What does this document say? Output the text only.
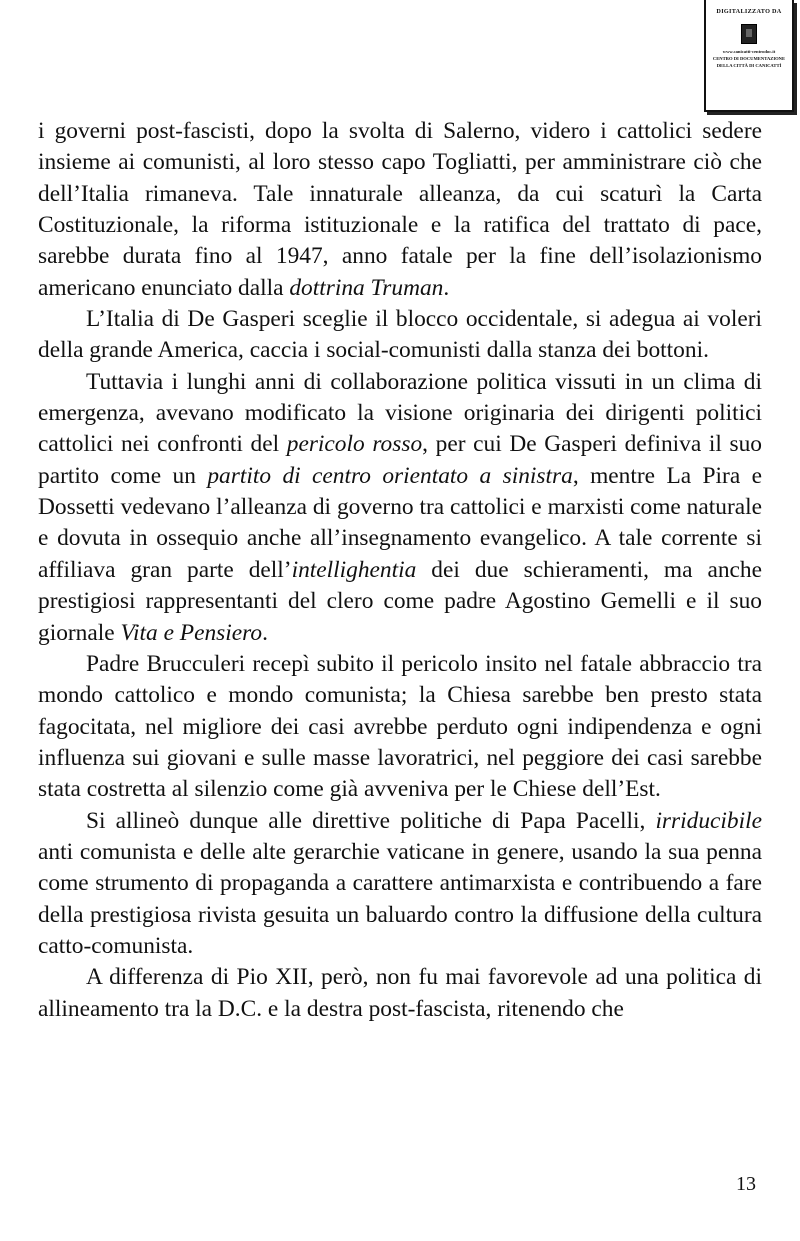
DIGITALIZZATO DA
www.canicatti-centrodoc.it
CENTRO DI DOCUMENTAZIONE
DELLA CITTÀ DI CANICATTÌ

i governi post-fascisti, dopo la svolta di Salerno, videro i cattolici sedere insieme ai comunisti, al loro stesso capo Togliatti, per amministrare ciò che dell’Italia rimaneva. Tale innaturale alleanza, da cui scaturì la Carta Costituzionale, la riforma istituzionale e la ratifica del trattato di pace, sarebbe durata fino al 1947, anno fatale per la fine dell’isolazionismo americano enunciato dalla dottrina Truman.

L’Italia di De Gasperi sceglie il blocco occidentale, si adegua ai voleri della grande America, caccia i social-comunisti dalla stanza dei bottoni.

Tuttavia i lunghi anni di collaborazione politica vissuti in un clima di emergenza, avevano modificato la visione originaria dei dirigenti politici cattolici nei confronti del pericolo rosso, per cui De Gasperi definiva il suo partito come un partito di centro orientato a sinistra, mentre La Pira e Dossetti vedevano l’alleanza di governo tra cattolici e marxisti come naturale e dovuta in ossequio anche all’insegnamento evangelico. A tale corrente si affiliava gran parte dell’intellighentia dei due schieramenti, ma anche prestigiosi rappresentanti del clero come padre Agostino Gemelli e il suo giornale Vita e Pensiero.

Padre Brucculeri recepì subito il pericolo insito nel fatale abbraccio tra mondo cattolico e mondo comunista; la Chiesa sarebbe ben presto stata fagocitata, nel migliore dei casi avrebbe perduto ogni indipendenza e ogni influenza sui giovani e sulle masse lavoratrici, nel peggiore dei casi sarebbe stata costretta al silenzio come già avveniva per le Chiese dell’Est.

Si allineò dunque alle direttive politiche di Papa Pacelli, irriducibile anti comunista e delle alte gerarchie vaticane in genere, usando la sua penna come strumento di propaganda a carattere antimarxista e contribuendo a fare della prestigiosa rivista gesuita un baluardo contro la diffusione della cultura catto-comunista.

A differenza di Pio XII, però, non fu mai favorevole ad una politica di allineamento tra la D.C. e la destra post-fascista, ritenendo che

13
